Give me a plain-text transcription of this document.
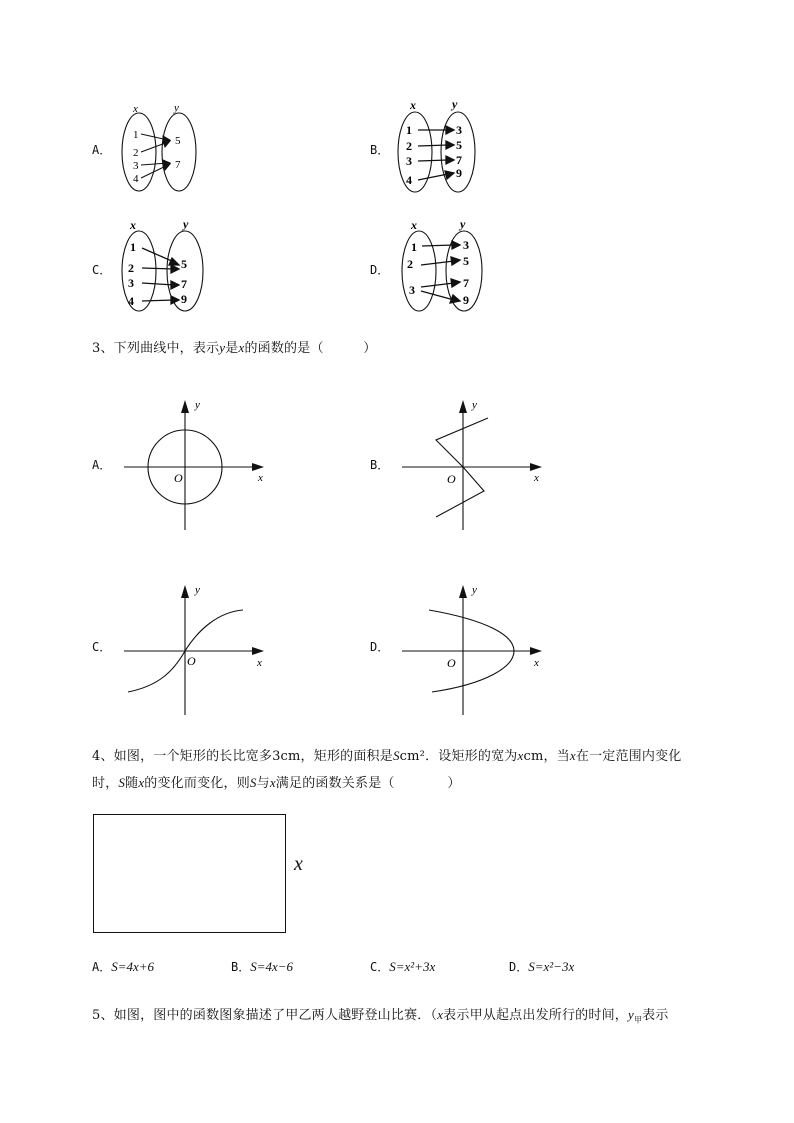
A．
x	y
1
2
3
4
5
7
B．
x	y
1
2
3
4
3
5
7
9
C．
x	y
1
2
3
4
5
7
9
D．
x	y
1
2
3
3
5
7
9
3、下列曲线中，表示y是x的函数的是（　　　）
A．
y
x
O
B．
y
x
O
C．
y
x
O
D．
y
x
O
4、如图，一个矩形的长比宽多3cm，矩形的面积是Scm²．设矩形的宽为xcm，当x在一定范围内变化
时，S随x的变化而变化，则S与x满足的函数关系是（　　　　）
x
A．S=4x+6	B．S=4x−6	C．S=x²+3x	D．S=x²−3x
5、如图，图中的函数图象描述了甲乙两人越野登山比赛．（x表示甲从起点出发所行的时间，$y_甲$表示
